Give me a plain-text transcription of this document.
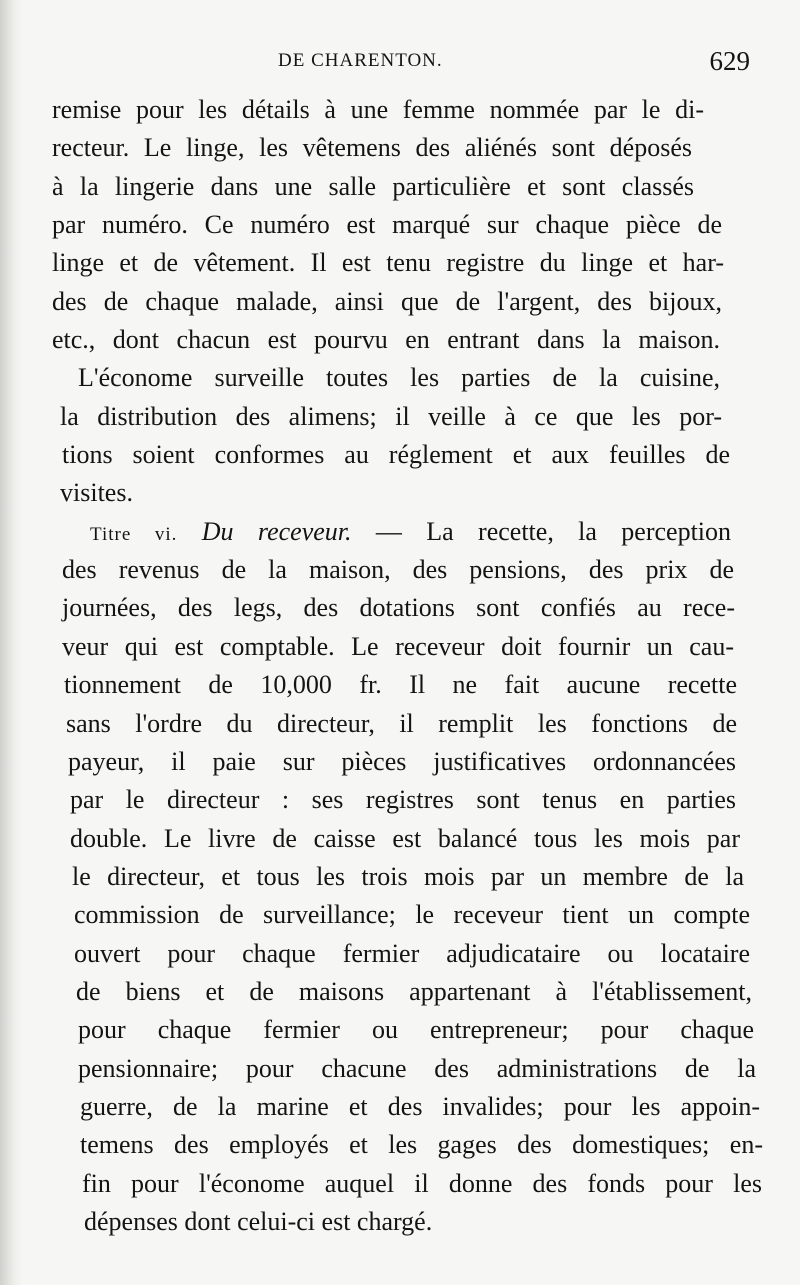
DE CHARENTON.	629
remise pour les détails à une femme nommée par le di-
recteur. Le linge, les vêtemens des aliénés sont déposés
à la lingerie dans une salle particulière et sont classés
par numéro. Ce numéro est marqué sur chaque pièce de
linge et de vêtement. Il est tenu registre du linge et har-
des de chaque malade, ainsi que de l'argent, des bijoux,
etc., dont chacun est pourvu en entrant dans la maison.
L'économe surveille toutes les parties de la cuisine,
la distribution des alimens; il veille à ce que les por-
tions soient conformes au réglement et aux feuilles de
visites.
Titre vi. Du receveur. — La recette, la perception
des revenus de la maison, des pensions, des prix de
journées, des legs, des dotations sont confiés au rece-
veur qui est comptable. Le receveur doit fournir un cau-
tionnement de 10,000 fr. Il ne fait aucune recette
sans l'ordre du directeur, il remplit les fonctions de
payeur, il paie sur pièces justificatives ordonnancées
par le directeur : ses registres sont tenus en parties
double. Le livre de caisse est balancé tous les mois par
le directeur, et tous les trois mois par un membre de la
commission de surveillance; le receveur tient un compte
ouvert pour chaque fermier adjudicataire ou locataire
de biens et de maisons appartenant à l'établissement,
pour chaque fermier ou entrepreneur; pour chaque
pensionnaire; pour chacune des administrations de la
guerre, de la marine et des invalides; pour les appoin-
temens des employés et les gages des domestiques; en-
fin pour l'économe auquel il donne des fonds pour les
dépenses dont celui-ci est chargé.
